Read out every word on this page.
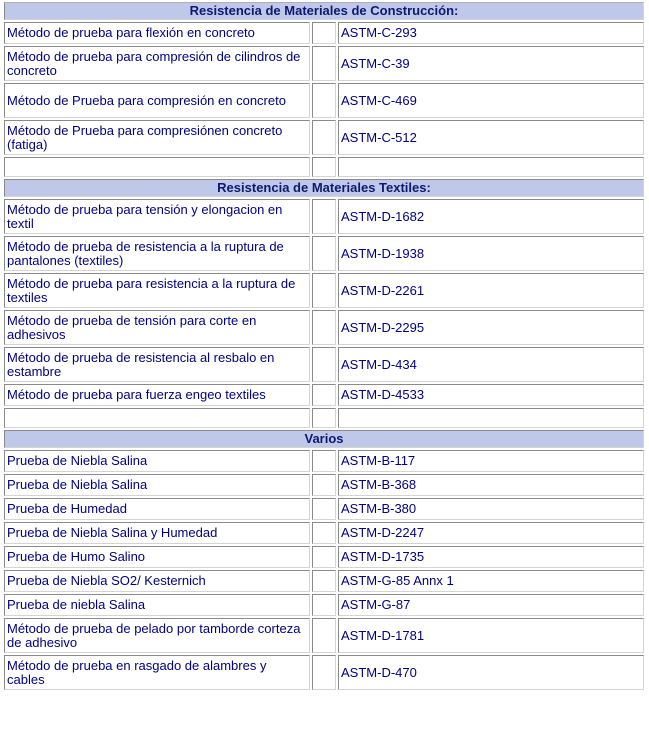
Resistencia de Materiales de Construcción:		
Método de prueba para flexión en concreto		ASTM-C-293
Método de prueba para compresión de cilindros de concreto		ASTM-C-39
Método de Prueba para compresión en concreto		ASTM-C-469
Método de Prueba para compresiónen concreto (fatiga)		ASTM-C-512

Resistencia de Materiales Textiles:		
Método de prueba para tensión y elongacion en textil		ASTM-D-1682
Método de prueba de resistencia a la ruptura de pantalones (textiles)		ASTM-D-1938
Método de prueba para resistencia a la ruptura de textiles		ASTM-D-2261
Método de prueba de tensión para corte en adhesivos		ASTM-D-2295
Método de prueba de resistencia al resbalo en estambre		ASTM-D-434
Método de prueba para fuerza engeo textiles		ASTM-D-4533

Varios		
Prueba de Niebla Salina		ASTM-B-117
Prueba de Niebla Salina		ASTM-B-368
Prueba de Humedad		ASTM-B-380
Prueba de Niebla Salina y Humedad		ASTM-D-2247
Prueba de Humo Salino		ASTM-D-1735
Prueba de Niebla SO2/ Kesternich		ASTM-G-85 Annx 1
Prueba de niebla Salina		ASTM-G-87
Método de prueba de pelado por tamborde corteza de adhesivo		ASTM-D-1781
Método de prueba en rasgado de alambres y cables		ASTM-D-470
